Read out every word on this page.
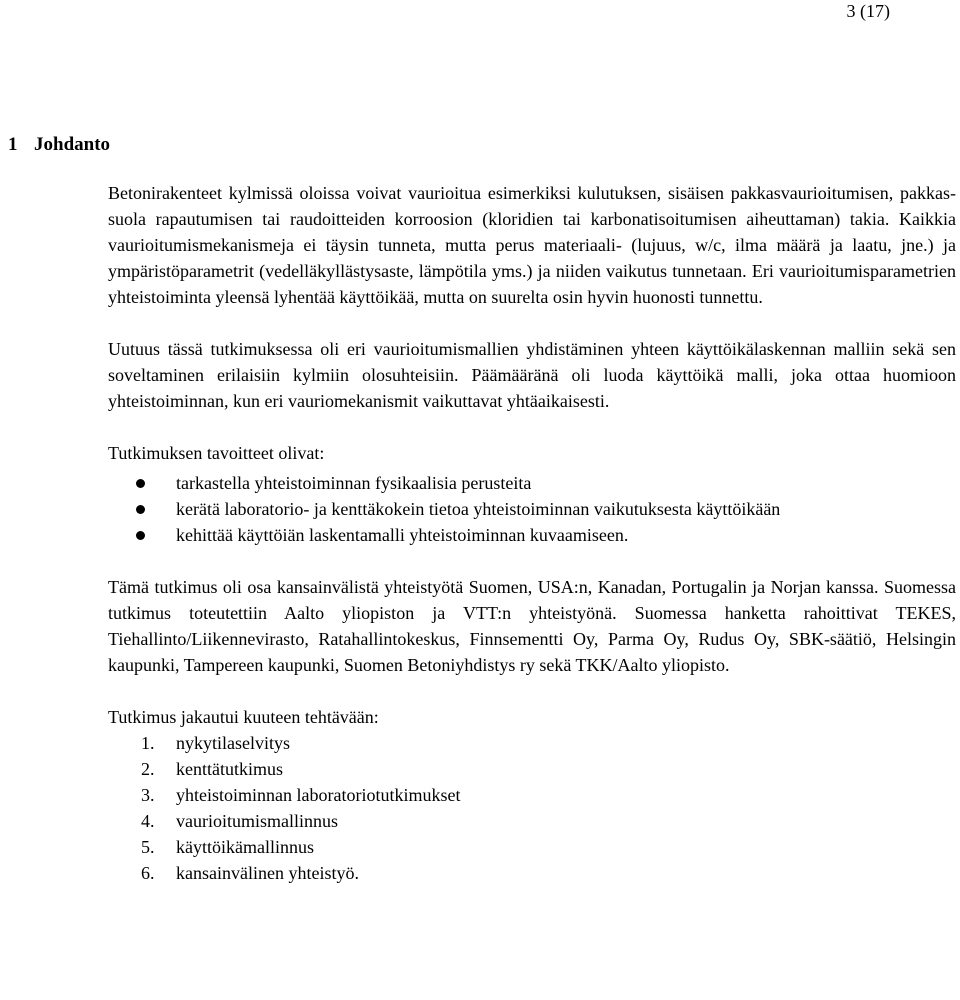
3 (17)
1 Johdanto

Betonirakenteet kylmissä oloissa voivat vaurioitua esimerkiksi kulutuksen, sisäisen pakkasvaurioitumisen, pakkas-suola rapautumisen tai raudoitteiden korroosion (kloridien tai karbonatisoitumisen aiheuttaman) takia. Kaikkia vaurioitumismekanismeja ei täysin tunneta, mutta perus materiaali- (lujuus, w/c, ilma määrä ja laatu, jne.) ja ympäristöparametrit (vedelläkyllästysaste, lämpötila yms.) ja niiden vaikutus tunnetaan. Eri vaurioitumisparametrien yhteistoiminta yleensä lyhentää käyttöikää, mutta on suurelta osin hyvin huonosti tunnettu.

Uutuus tässä tutkimuksessa oli eri vaurioitumismallien yhdistäminen yhteen käyttöikälaskennan malliin sekä sen soveltaminen erilaisiin kylmiin olosuhteisiin. Päämääränä oli luoda käyttöikä malli, joka ottaa huomioon yhteistoiminnan, kun eri vauriomekanismit vaikuttavat yhtäaikaisesti.

Tutkimuksen tavoitteet olivat:

tarkastella yhteistoiminnan fysikaalisia perusteita
kerätä laboratorio- ja kenttäkokein tietoa yhteistoiminnan vaikutuksesta käyttöikään
kehittää käyttöiän laskentamalli yhteistoiminnan kuvaamiseen.

Tämä tutkimus oli osa kansainvälistä yhteistyötä Suomen, USA:n, Kanadan, Portugalin ja Norjan kanssa. Suomessa tutkimus toteutettiin Aalto yliopiston ja VTT:n yhteistyönä. Suomessa hanketta rahoittivat TEKES, Tiehallinto/Liikennevirasto, Ratahallintokeskus, Finnsementti Oy, Parma Oy, Rudus Oy, SBK-säätiö, Helsingin kaupunki, Tampereen kaupunki, Suomen Betoniyhdistys ry sekä TKK/Aalto yliopisto.

Tutkimus jakautui kuuteen tehtävään:

1. nykytilaselvitys
2. kenttätutkimus
3. yhteistoiminnan laboratoriotutkimukset
4. vaurioitumismallinnus
5. käyttöikämallinnus
6. kansainvälinen yhteistyö.
